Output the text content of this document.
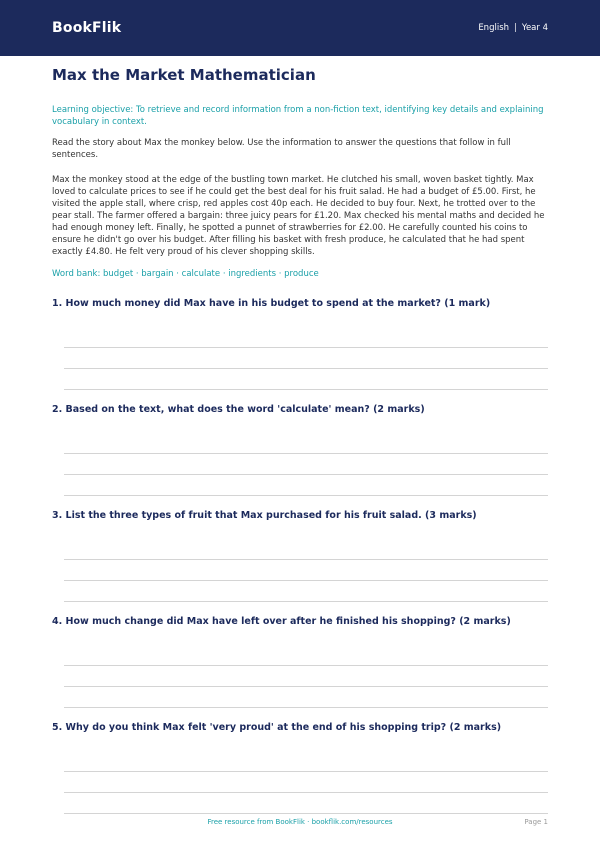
BookFlik	English | Year 4
Max the Market Mathematician

Learning objective: To retrieve and record information from a non-fiction text, identifying key details and explaining vocabulary in context.

Read the story about Max the monkey below. Use the information to answer the questions that follow in full sentences.

Max the monkey stood at the edge of the bustling town market. He clutched his small, woven basket tightly. Max loved to calculate prices to see if he could get the best deal for his fruit salad. He had a budget of £5.00. First, he visited the apple stall, where crisp, red apples cost 40p each. He decided to buy four. Next, he trotted over to the pear stall. The farmer offered a bargain: three juicy pears for £1.20. Max checked his mental maths and decided he had enough money left. Finally, he spotted a punnet of strawberries for £2.00. He carefully counted his coins to ensure he didn't go over his budget. After filling his basket with fresh produce, he calculated that he had spent exactly £4.80. He felt very proud of his clever shopping skills.

Word bank: budget · bargain · calculate · ingredients · produce

1. How much money did Max have in his budget to spend at the market? (1 mark)

2. Based on the text, what does the word 'calculate' mean? (2 marks)

3. List the three types of fruit that Max purchased for his fruit salad. (3 marks)

4. How much change did Max have left over after he finished his shopping? (2 marks)

5. Why do you think Max felt 'very proud' at the end of his shopping trip? (2 marks)

Free resource from BookFlik · bookflik.com/resources	Page 1
